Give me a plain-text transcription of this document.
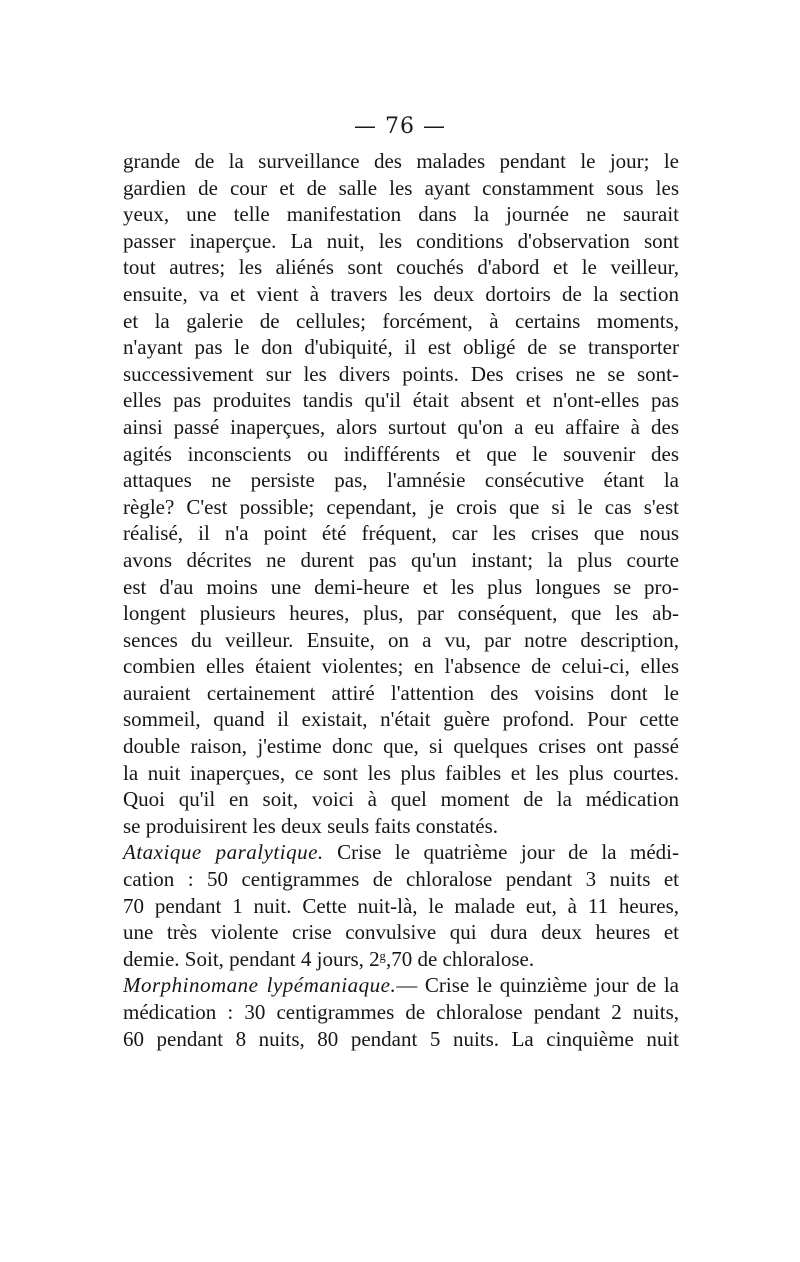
— 76 —
grande de la surveillance des malades pendant le jour; le
gardien de cour et de salle les ayant constamment sous les
yeux, une telle manifestation dans la journée ne saurait
passer inaperçue. La nuit, les conditions d'observation sont
tout autres; les aliénés sont couchés d'abord et le veilleur,
ensuite, va et vient à travers les deux dortoirs de la section
et la galerie de cellules; forcément, à certains moments,
n'ayant pas le don d'ubiquité, il est obligé de se transporter
successivement sur les divers points. Des crises ne se sont-
elles pas produites tandis qu'il était absent et n'ont-elles pas
ainsi passé inaperçues, alors surtout qu'on a eu affaire à des
agités inconscients ou indifférents et que le souvenir des
attaques ne persiste pas, l'amnésie consécutive étant la
règle? C'est possible; cependant, je crois que si le cas s'est
réalisé, il n'a point été fréquent, car les crises que nous
avons décrites ne durent pas qu'un instant; la plus courte
est d'au moins une demi-heure et les plus longues se pro-
longent plusieurs heures, plus, par conséquent, que les ab-
sences du veilleur. Ensuite, on a vu, par notre description,
combien elles étaient violentes; en l'absence de celui-ci, elles
auraient certainement attiré l'attention des voisins dont le
sommeil, quand il existait, n'était guère profond. Pour cette
double raison, j'estime donc que, si quelques crises ont passé
la nuit inaperçues, ce sont les plus faibles et les plus courtes.
Quoi qu'il en soit, voici à quel moment de la médication
se produisirent les deux seuls faits constatés.
Ataxique paralytique. Crise le quatrième jour de la médi-
cation : 50 centigrammes de chloralose pendant 3 nuits et
70 pendant 1 nuit. Cette nuit-là, le malade eut, à 11 heures,
une très violente crise convulsive qui dura deux heures et
demie. Soit, pendant 4 jours, 2ᵍ,70 de chloralose.
Morphinomane lypémaniaque.— Crise le quinzième jour de la
médication : 30 centigrammes de chloralose pendant 2 nuits,
60 pendant 8 nuits, 80 pendant 5 nuits. La cinquième nuit
